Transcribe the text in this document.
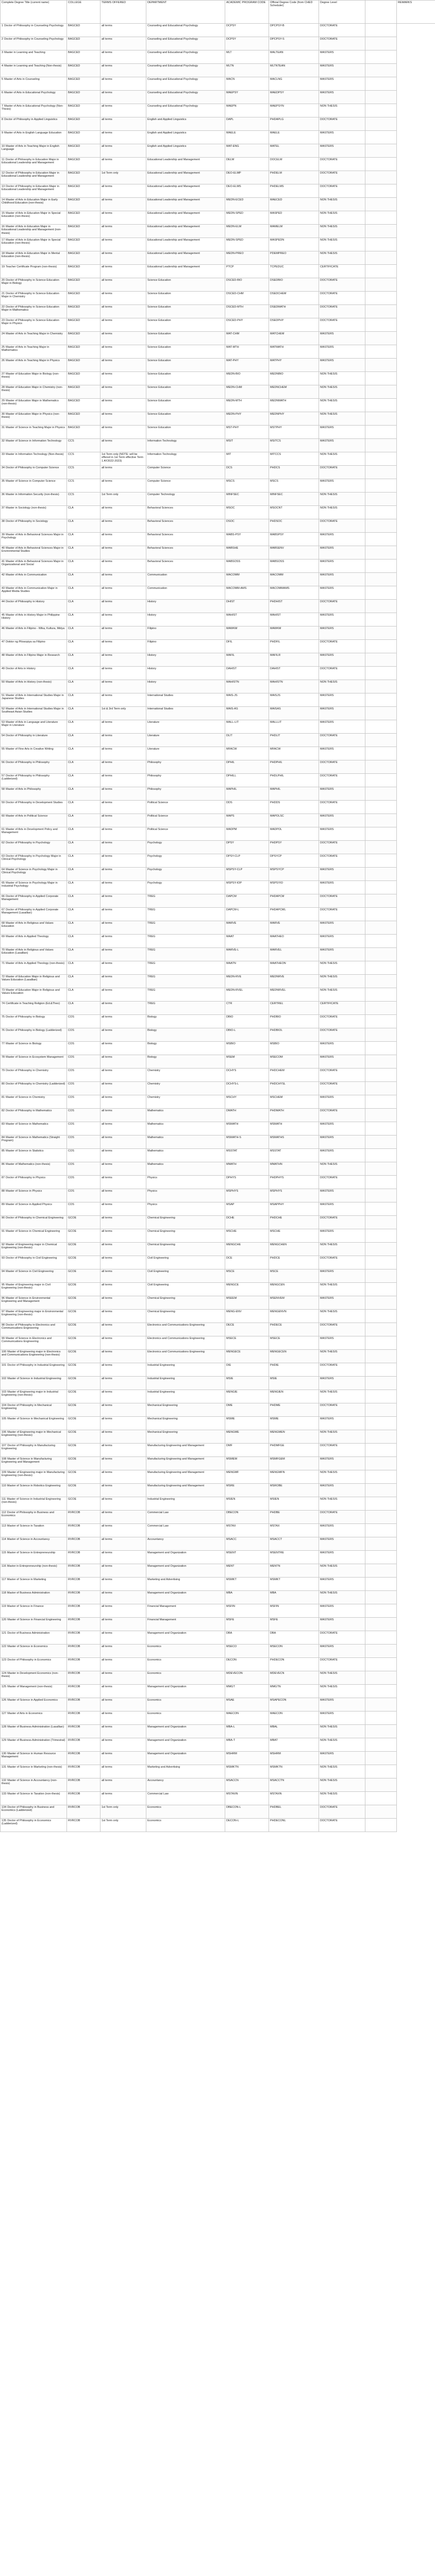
Complete Degree Title (current name)	COLLEGE	TERMS OFFERED	DEPARTMENT	ACADEMIC PROGRAM CODE	Official Degree Code (from CHED Scheduler)	Degree Level		REMARKS
1 Doctor of Philosophy in Counseling Psychology	BAGCED	all terms	Counseling and Educational Psychology	DCPSY	DPCPSY-B	DOCTORATE		
2 Doctor of Philosophy in Counseling Psychology	BAGCED	all terms	Counseling and Educational Psychology	DCPSY	DPCPSY-S	DOCTORATE		
3 Master in Learning and Teaching	BAGCED	all terms	Counseling and Educational Psychology	MLT	MALTEAN	MASTERS		
4 Master in Learning and Teaching (Non-thesis)	BAGCED	all terms	Counseling and Educational Psychology	MLTN	MLTNTEAN	MASTERS		
5 Master of Arts in Counseling	BAGCED	all terms	Counseling and Educational Psychology	MACN	MACLNG	MASTERS		
6 Master of Arts in Educational Psychology	BAGCED	all terms	Counseling and Educational Psychology	MAEPSY	MAEDPSY	MASTERS		
7 Master of Arts in Educational Psychology (Non-Thesis)	BAGCED	all terms	Counseling and Educational Psychology	MAEPN	MAEPSYN	NON THESIS		
8 Doctor of Philosophy in Applied Linguistics	BAGCED	all terms	English and Applied Linguistics	DAPL	PHDAPLG	DOCTORATE		
9 Master of Arts in English Language Education	BAGCED	all terms	English and Applied Linguistics	MAELE	MAELE	MASTERS		
10 Master of Arts in Teaching Major in English Language	BAGCED	all terms	English and Applied Linguistics	MAT-ENG	MATEL	MASTERS		
11 Doctor of Philosophy in Education Major in Educational Leadership and Management	BAGCED	all terms	Educational Leadership and Management	DELM	DOCELM	DOCTORATE		
12 Doctor of Philosophy in Education Major in Educational Leadership and Management	BAGCED	1st Term only	Educational Leadership and Management	DEO-ELMP	PHDELM	DOCTORATE		
13 Doctor of Philosophy in Education Major in Educational Leadership and Management	BAGCED	all terms	Educational Leadership and Management	DEO-ELMS	PHDELMS	DOCTORATE		
14 Master of Arts in Education Major in Early Childhood Education (non-thesis)	BAGCED	all terms	Educational Leadership and Management	MEDN-ECED	MAECED	NON THESIS		
15 Master of Arts in Education Major in Special Education (non-thesis)	BAGCED	all terms	Educational Leadership and Management	MEDN-SPED	MASPED	NON THESIS		
16 Master of Arts in Education Major in Educational Leadership and Management (non-thesis)	BAGCED	all terms	Educational Leadership and Management	MEDN-ELM	MAMELM	NON THESIS		
17 Master of Arts in Education Major in Special Education (non-thesis)	BAGCED	all terms	Educational Leadership and Management	MEDN-SPED	MASPEDN	NON THESIS		
18 Master of Arts in Education Major in Mental Education (non-thesis)	BAGCED	all terms	Educational Leadership and Management	MEDN-PREO	PDEMPREO	NON THESIS		
19 Teacher Certificate Program (non-thesis)	BAGCED	all terms	Educational Leadership and Management	PTCP	TCPEDUC	CERTIFICATE		
20 Doctor of Philosophy in Science Education Major in Biology	BAGCED	all terms	Science Education	DSCED-BIO	DSEDBIO	DOCTORATE		
21 Doctor of Philosophy in Science Education Major in Chemistry	BAGCED	all terms	Science Education	DSCED-CHM	DSEDCHEM	DOCTORATE		
22 Doctor of Philosophy in Science Education Major in Mathematics	BAGCED	all terms	Science Education	DSCED-MTH	DSEDMATH	DOCTORATE		
23 Doctor of Philosophy in Science Education Major in Physics	BAGCED	all terms	Science Education	DSCED-PHY	DSEDPHY	DOCTORATE		
24 Master of Arts in Teaching Major in Chemistry	BAGCED	all terms	Science Education	MAT-CHM	MATCHEM	MASTERS		
25 Master of Arts in Teaching Major in Mathematics	BAGCED	all terms	Science Education	MAT-MTH	MATMATH	MASTERS		
26 Master of Arts in Teaching Major in Physics	BAGCED	all terms	Science Education	MAT-PHY	MATPHY	MASTERS		
27 Master of Education Major in Biology (non-thesis)	BAGCED	all terms	Science Education	MEDN-BIO	MEDNBIO	NON THESIS		
28 Master of Education Major in Chemistry (non-thesis)	BAGCED	all terms	Science Education	MEDN-CHM	MEDNCHEM	NON THESIS		
29 Master of Education Major in Mathematics (non-thesis)	BAGCED	all terms	Science Education	MEDN-MTH	MEDNMATH	NON THESIS		
30 Master of Education Major in Physics (non-thesis)	BAGCED	all terms	Science Education	MEDN-PHY	MEDNPHY	NON THESIS		
31 Master of Science in Teaching Major in Physics	BAGCED	all terms	Science Education	MST-PHY	MSTPHY	MASTERS		
32 Master of Science in Information Technology	CCS	all terms	Information Technology	MSIT	MSITCS	MASTERS		
33 Master in Information Technology (Non-thesis)	CCS	1st Term only (NOTE: will be offered in 1st Term effective Term 1 AY2022-2023)	Information Technology	MIT	MITCCS	NON THESIS		
34 Doctor of Philosophy in Computer Science	CCS	all terms	Computer Science	DCS	PHDCS	DOCTORATE		
35 Master of Science in Computer Science	CCS	all terms	Computer Science	MSCS	MSCS	MASTERS		
36 Master in Information Security (non-thesis)	CCS	1st Term only	Computer Technology	MINFSEC	MINFSEC	NON THESIS		
37 Master in Sociology (non-thesis)	CLA	all terms	Behavioral Sciences	MSOC	MSOCNT	NON THESIS		
38 Doctor of Philosophy in Sociology	CLA	all terms	Behavioral Sciences	DSOC	PHDSOC	DOCTORATE		
39 Master of Arts in Behavioral Sciences Major in Psychology	CLA	all terms	Behavioral Sciences	MABS-PSY	MABSPSY	MASTERS		
40 Master of Arts in Behavioral Sciences Major in Environmental Studies	CLA	all terms	Behavioral Sciences	MABSHE	MABSENV	MASTERS		
41 Master of Arts in Behavioral Sciences Major in Organizational and Social	CLA	all terms	Behavioral Sciences	MABSOSS	MABSOSS	MASTERS		
42 Master of Arts in Communication	CLA	all terms	Communication	MACOMM	MACOMM	MASTERS		
43 Master of Arts in Communication Major in Applied Media Studies	CLA	all terms	Communication	MACOMM-AMS	MACOMMAMS	MASTERS		
44 Doctor of Philosophy in History	CLA	all terms	History	DHIST	PHDHIST	DOCTORATE		
45 Master of Arts in History Major in Philippine History	CLA	all terms	History	MAHIST	MAHIST	MASTERS		
46 Master of Arts in Filipino - Wika, Kultura, Midya	CLA	all terms	Filipino	MAWKM	MAWKM	MASTERS		
47 Doktor ng Pilosopiya sa Filipino	CLA	all terms	Filipino	DFIL	PHDFIL	DOCTORATE		
48 Master of Arts in Filipino Major in Research	CLA	all terms	History	MAFIL	MAFILR	MASTERS		
49 Doctor of Arts in History	CLA	all terms	History	DAHIST	DAHIST	DOCTORATE		
50 Master of Arts in History (non-thesis)	CLA	all terms	History	MAHISTN	MAHISTN	NON THESIS		
51 Master of Arts in International Studies Major in Japanese Studies	CLA	all terms	International Studies	MAIS-JS	MAISJS	MASTERS		
52 Master of Arts in International Studies Major in Southeast Asian Studies	CLA	1st & 3rd Term only	International Studies	MAIS-AS	MAISAS	MASTERS		
53 Master of Arts in Language and Literature Major in Literature	CLA	all terms	Literature	MALL-LIT	MALLLIT	MASTERS		
54 Doctor of Philosophy in Literature	CLA	all terms	Literature	DLIT	PHDLIT	DOCTORATE		
55 Master of Fine Arts in Creative Writing	CLA	all terms	Literature	MFACW	MFACW	MASTERS		
56 Doctor of Philosophy in Philosophy	CLA	all terms	Philosophy	DPHIL	PHDPHIL	DOCTORATE		
57 Doctor of Philosophy in Philosophy (Ladderized)	CLA	all terms	Philosophy	DPHILL	PHDLPHIL	DOCTORATE		
58 Master of Arts in Philosophy	CLA	all terms	Philosophy	MAPHIL	MAPHIL	MASTERS		
59 Doctor of Philosophy in Development Studies	CLA	all terms	Political Science	DDS	PHDDS	DOCTORATE		
60 Master of Arts in Political Science	CLA	all terms	Political Science	MAPS	MAPOLSC	MASTERS		
61 Master of Arts in Development Policy and Management	CLA	all terms	Political Science	MADPM	MADPOL	MASTERS		
62 Doctor of Philosophy in Psychology	CLA	all terms	Psychology	DPSY	PHDPSY	DOCTORATE		
63 Doctor of Philosophy in Psychology Major in Clinical Psychology	CLA	all terms	Psychology	DPSY-CLP	DPSYCP	DOCTORATE		
64 Master of Science in Psychology Major in Clinical Psychology	CLA	all terms	Psychology	MSPSY-CLP	MSPSYCP	MASTERS		
65 Master of Science in Psychology Major in Industrial Psychology	CLA	all terms	Psychology	MSPSY-IOP	MSPSYIO	MASTERS		
66 Doctor of Philosophy in Applied Corporate Management	CLA	all terms	TREG	DAPCM	PHDAPCM	DOCTORATE		
67 Doctor of Philosophy in Applied Corporate Management (Lasallian)	CLA	all terms	TREG	DAPCM-L	PHDAPCML	DOCTORATE		
68 Master of Arts in Religious and Values Education	CLA	all terms	TREG	MARVE	MARVE	MASTERS		
69 Master of Arts in Applied Theology	CLA	all terms	TREG	MAAT	MAATHEO	MASTERS		
70 Master of Arts in Religious and Values Education (Lasallian)	CLA	all terms	TREG	MARVE-L	MARVEL	MASTERS		
71 Master of Arts in Applied Theology (non-thesis)	CLA	all terms	TREG	MAATN	MAATHEON	NON THESIS		
72 Master of Education Major in Religious and Values Education (Lasallian)	CLA	all terms	TREG	MEDN-RVE	MEDNRVE	NON THESIS		
73 Master of Education Major in Religious and Values Education	CLA	all terms	TREG	MEDN-RVEL	MEDNRVEL	NON THESIS		
74 Certificate in Teaching Religion (Ed.&Theo)	CLA	all terms	TREG	CTR	CERTREL	CERTIFICATE		
75 Doctor of Philosophy in Biology	COS	all terms	Biology	DBIO	PHDBIO	DOCTORATE		
76 Doctor of Philosophy in Biology (Ladderized)	COS	all terms	Biology	DBIO-L	PHDBIOL	DOCTORATE		
77 Master of Science in Biology	COS	all terms	Biology	MSBIO	MSBIO	MASTERS		
78 Master of Science in Ecosystem Management	COS	all terms	Biology	MSEM	MSECOM	MASTERS		
79 Doctor of Philosophy in Chemistry	COS	all terms	Chemistry	DCHYS	PHDCHEM	DOCTORATE		
80 Doctor of Philosophy in Chemistry (Ladderized)	COS	all terms	Chemistry	DCHYS-L	PHDCHYSL	DOCTORATE		
81 Master of Science in Chemistry	COS	all terms	Chemistry	MSCHY	MSCHEM	MASTERS		
82 Doctor of Philosophy in Mathematics	COS	all terms	Mathematics	DMATH	PHDMATH	DOCTORATE		
83 Master of Science in Mathematics	COS	all terms	Mathematics	MSMATH	MSMATH	MASTERS		
84 Master of Science in Mathematics (Straight Program)	COS	all terms	Mathematics	MSMATH-S	MSMATHS	MASTERS		
85 Master of Science in Statistics	COS	all terms	Mathematics	MSSTAT	MSSTAT	MASTERS		
86 Master of Mathematics (non-thesis)	COS	all terms	Mathematics	MMATH	MMATHN	NON THESIS		
87 Doctor of Philosophy in Physics	COS	all terms	Physics	DPHYS	PHDPHYS	DOCTORATE		
88 Master of Science in Physics	COS	all terms	Physics	MSPHYS	MSPHYS	MASTERS		
89 Master of Science in Applied Physics	COS	all terms	Physics	MSAP	MSAPPHY	MASTERS		
90 Doctor of Philosophy in Chemical Engineering	GCOE	all terms	Chemical Engineering	DCHE	PHDCHE	DOCTORATE		
91 Master of Science in Chemical Engineering	GCOE	all terms	Chemical Engineering	MSCHE	MSCHE	MASTERS		
92 Master of Engineering major in Chemical Engineering (non-thesis)	GCOE	all terms	Chemical Engineering	MENGCHE	MENGCHEN	NON THESIS		
93 Doctor of Philosophy in Civil Engineering	GCOE	all terms	Civil Engineering	DCE	PHDCE	DOCTORATE		
94 Master of Science in Civil Engineering	GCOE	all terms	Civil Engineering	MSCE	MSCE	MASTERS		
95 Master of Engineering major in Civil Engineering (non-thesis)	GCOE	all terms	Civil Engineering	MENGCE	MENGCEN	NON THESIS		
96 Master of Science in Environmental Engineering and Management	GCOE	all terms	Chemical Engineering	MSEEM	MSENVEM	MASTERS		
97 Master of Engineering major in Environmental Engineering (non-thesis)	GCOE	all terms	Chemical Engineering	MENG-ENV	MENGENVN	NON THESIS		
98 Doctor of Philosophy in Electronics and Communications Engineering	GCOE	all terms	Electronics and Communications Engineering	DECE	PHDECE	DOCTORATE		
99 Master of Science in Electronics and Communications Engineering	GCOE	all terms	Electronics and Communications Engineering	MSECE	MSECE	MASTERS		
100 Master of Engineering major in Electronics and Communications Engineering (non-thesis)	GCOE	all terms	Electronics and Communications Engineering	MENGECE	MENGECEN	NON THESIS		
101 Doctor of Philosophy in Industrial Engineering	GCOE	all terms	Industrial Engineering	DIE	PHDIE	DOCTORATE		
102 Master of Science in Industrial Engineering	GCOE	all terms	Industrial Engineering	MSIE	MSIE	MASTERS		
103 Master of Engineering major in Industrial Engineering (non-thesis)	GCOE	all terms	Industrial Engineering	MENGIE	MENGIEN	NON THESIS		
104 Doctor of Philosophy in Mechanical Engineering	GCOE	all terms	Mechanical Engineering	DME	PHDME	DOCTORATE		
105 Master of Science in Mechanical Engineering	GCOE	all terms	Mechanical Engineering	MSME	MSME	MASTERS		
106 Master of Engineering major in Mechanical Engineering (non-thesis)	GCOE	all terms	Mechanical Engineering	MENGME	MENGMEN	NON THESIS		
107 Doctor of Philosophy in Manufacturing Engineering	GCOE	all terms	Manufacturing Engineering and Management	DMF	PHDMFGE	DOCTORATE		
108 Master of Science in Manufacturing Engineering and Management	GCOE	all terms	Manufacturing Engineering and Management	MSMEM	MSMFGEM	MASTERS		
109 Master of Engineering major in Manufacturing Engineering (non-thesis)	GCOE	all terms	Manufacturing Engineering and Management	MENGMF	MENGMFN	NON THESIS		
110 Master of Science in Robotics Engineering	GCOE	all terms	Manufacturing Engineering and Management	MSRE	MSROBE	MASTERS		
111 Master of Science in Industrial Engineering (non-thesis)	GCOE	all terms	Industrial Engineering	MSIEN	MSIEN	NON THESIS		
112 Doctor of Philosophy in Business and Economics	RVRCOB	all terms	Commercial Law	DBECON	PHDBE	DOCTORATE		
113 Master of Science in Taxation	RVRCOB	all terms	Commercial Law	MSTAX	MSTAX	MASTERS		
114 Master of Science in Accountancy	RVRCOB	all terms	Accountancy	MSACC	MSACCT	MASTERS		
115 Master of Science in Entrepreneurship	RVRCOB	all terms	Management and Organization	MSENT	MSENTRE	MASTERS		
116 Master in Entrepreneurship (non-thesis)	RVRCOB	all terms	Management and Organization	MENT	MENTN	NON THESIS		
117 Master of Science in Marketing	RVRCOB	all terms	Marketing and Advertising	MSMKT	MSMKT	MASTERS		
118 Master of Business Administration	RVRCOB	all terms	Management and Organization	MBA	MBA	NON THESIS		
119 Master of Science in Finance	RVRCOB	all terms	Financial Management	MSFIN	MSFIN	MASTERS		
120 Master of Science in Financial Engineering	RVRCOB	all terms	Financial Management	MSFE	MSFE	MASTERS		
121 Doctor of Business Administration	RVRCOB	all terms	Management and Organization	DBA	DBA	DOCTORATE		
122 Master of Science in Economics	RVRCOB	all terms	Economics	MSECO	MSECON	MASTERS		
123 Doctor of Philosophy in Economics	RVRCOB	all terms	Economics	DECON	PHDECON	DOCTORATE		
124 Master in Development Economics (non-thesis)	RVRCOB	all terms	Economics	MDEVECON	MDEVECN	NON THESIS		
125 Master of Management (non-thesis)	RVRCOB	all terms	Management and Organization	MMGT	MMGTN	NON THESIS		
126 Master of Science in Applied Economics	RVRCOB	all terms	Economics	MSAE	MSAPECON	MASTERS		
127 Master of Arts in Economics	RVRCOB	all terms	Economics	MAECON	MAECON	MASTERS		
128 Master of Business Administration (Lasallian)	RVRCOB	all terms	Management and Organization	MBA-L	MBAL	NON THESIS		
129 Master of Business Administration (Trimestral)	RVRCOB	all terms	Management and Organization	MBA-T	MBAT	NON THESIS		
130 Master of Science in Human Resource Management	RVRCOB	all terms	Management and Organization	MSHRM	MSHRM	MASTERS		
131 Master of Science in Marketing (non-thesis)	RVRCOB	all terms	Marketing and Advertising	MSMKTN	MSMKTN	NON THESIS		
132 Master of Science in Accountancy (non-thesis)	RVRCOB	all terms	Accountancy	MSACCN	MSACCTN	NON THESIS		
133 Master of Science in Taxation (non-thesis)	RVRCOB	all terms	Commercial Law	MSTAXN	MSTAXN	NON THESIS		
134 Doctor of Philosophy in Business and Economics (Ladderized)	RVRCOB	1st Term only	Economics	DBECON-L	PHDBEL	DOCTORATE		
135 Doctor of Philosophy in Economics (Ladderized)	RVRCOB	1st Term only	Economics	DECON-L	PHDECONL	DOCTORATE		
